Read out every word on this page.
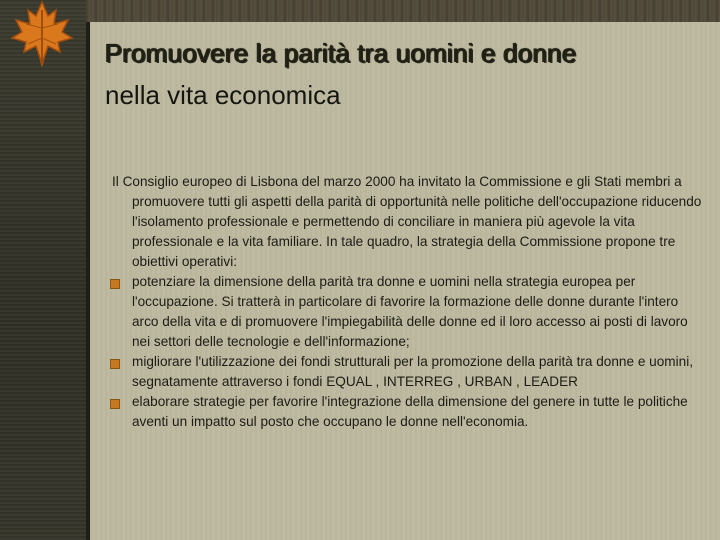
Promuovere la parità tra uomini e donne
nella vita economica

Il Consiglio europeo di Lisbona del marzo 2000 ha invitato la Commissione e gli Stati membri a promuovere tutti gli aspetti della parità di opportunità nelle politiche dell'occupazione riducendo l'isolamento professionale e permettendo di conciliare in maniera più agevole la vita professionale e la vita familiare. In tale quadro, la strategia della Commissione propone tre obiettivi operativi:

potenziare la dimensione della parità tra donne e uomini nella strategia europea per l'occupazione. Si tratterà in particolare di favorire la formazione delle donne durante l'intero arco della vita e di promuovere l'impiegabilità delle donne ed il loro accesso ai posti di lavoro nei settori delle tecnologie e dell'informazione;
migliorare l'utilizzazione dei fondi strutturali per la promozione della parità tra donne e uomini, segnatamente attraverso i fondi EQUAL , INTERREG , URBAN , LEADER
elaborare strategie per favorire l'integrazione della dimensione del genere in tutte le politiche aventi un impatto sul posto che occupano le donne nell'economia.
